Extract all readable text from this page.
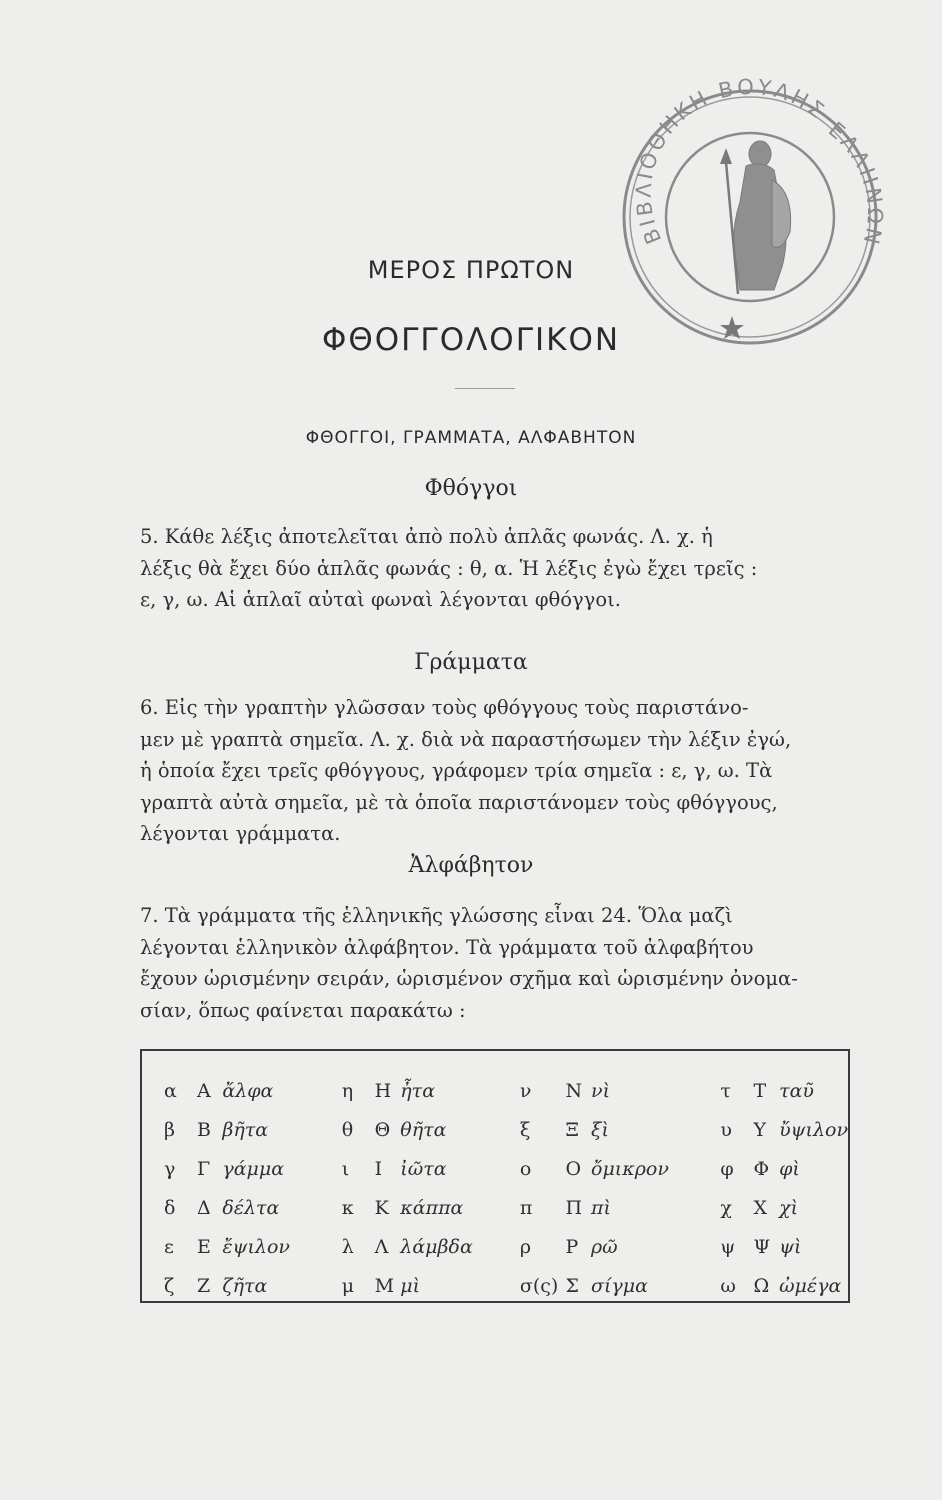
ΒΙΒΛΙΟΘΗΚΗ ΒΟΥΛΗΣ
ΕΛΛΗΝΩΝ
ΜΕΡΟΣ ΠΡΩΤΟΝ
ΦΘΟΓΓΟΛΟΓΙΚΟΝ
ΦΘΟΓΓΟΙ, ΓΡΑΜΜΑΤΑ, ΑΛΦΑΒΗΤΟΝ
Φθόγγοι
5. Κάθε λέξις ἀποτελεῖται ἀπὸ πολὺ ἁπλᾶς φωνάς. Λ. χ. ἡ
λέξις θὰ ἔχει δύο ἁπλᾶς φωνάς : θ, α. Ἡ λέξις ἐγὼ ἔχει τρεῖς :
ε, γ, ω. Αἱ ἁπλαῖ αὐταὶ φωναὶ λέγονται φθόγγοι.
Γράμματα
6. Εἰς τὴν γραπτὴν γλῶσσαν τοὺς φθόγγους τοὺς παριστάνο-
μεν μὲ γραπτὰ σημεῖα. Λ. χ. διὰ νὰ παραστήσωμεν τὴν λέξιν ἐγώ,
ἡ ὁποία ἔχει τρεῖς φθόγγους, γράφομεν τρία σημεῖα : ε, γ, ω. Τὰ
γραπτὰ αὐτὰ σημεῖα, μὲ τὰ ὁποῖα παριστάνομεν τοὺς φθόγγους,
λέγονται γράμματα.
Ἀλφάβητον
7. Τὰ γράμματα τῆς ἑλληνικῆς γλώσσης εἶναι 24. Ὅλα μαζὶ
λέγονται ἑλληνικὸν ἀλφάβητον. Τὰ γράμματα τοῦ ἀλφαβήτου
ἔχουν ὡρισμένην σειράν, ὡρισμένον σχῆμα καὶ ὡρισμένην ὀνομα-
σίαν, ὅπως φαίνεται παρακάτω :
α	Α	ἄλφα	η	Η	ἦτα	ν	Ν	νὶ	τ	Τ	ταῦ
β	Β	βῆτα	θ	Θ	θῆτα	ξ	Ξ	ξὶ	υ	Υ	ὔψιλον
γ	Γ	γάμμα	ι	Ι	ἰῶτα	ο	Ο	ὄμικρον	φ	Φ	φὶ
δ	Δ	δέλτα	κ	Κ	κάππα	π	Π	πὶ	χ	Χ	χὶ
ε	Ε	ἔψιλον	λ	Λ	λάμβδα	ρ	Ρ	ρῶ	ψ	Ψ	ψὶ
ζ	Ζ	ζῆτα	μ	Μ	μὶ	σ(ς)	Σ	σίγμα	ω	Ω	ὠμέγα
